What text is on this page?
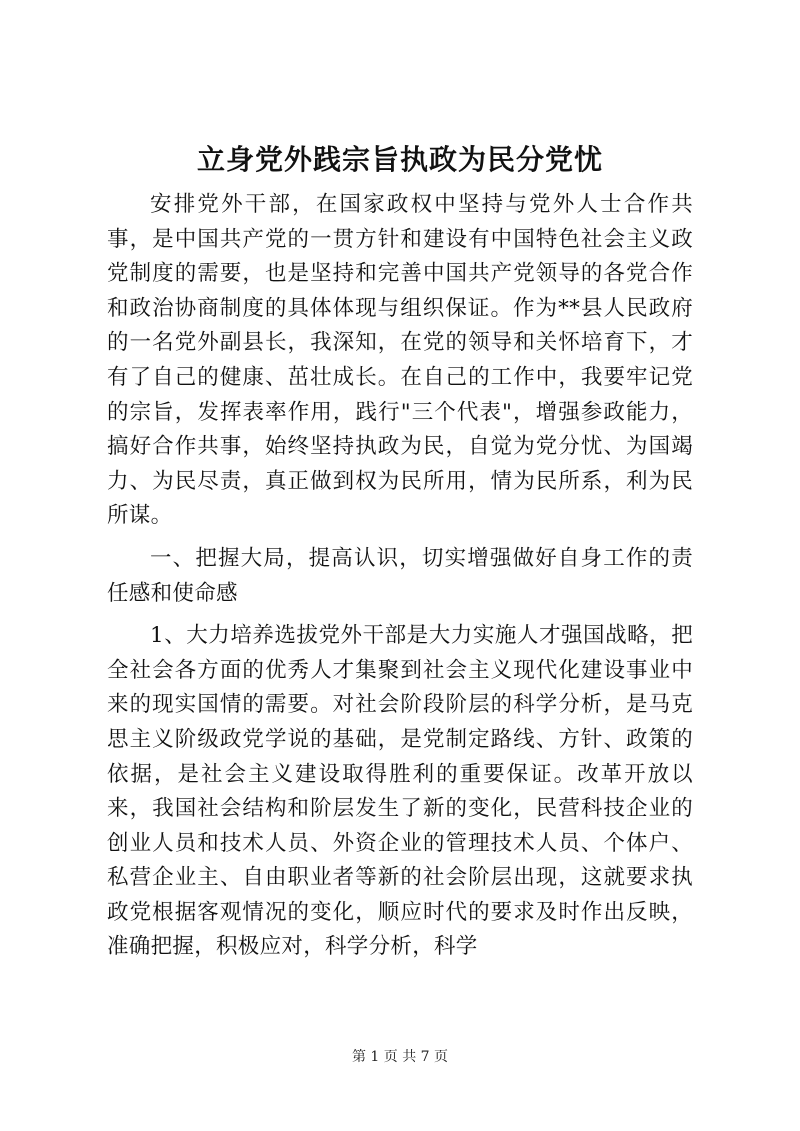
立身党外践宗旨执政为民分党忧

安排党外干部，在国家政权中坚持与党外人士合作共事，是中国共产党的一贯方针和建设有中国特色社会主义政党制度的需要，也是坚持和完善中国共产党领导的各党合作和政治协商制度的具体体现与组织保证。作为**县人民政府的一名党外副县长，我深知，在党的领导和关怀培育下，才有了自己的健康、茁壮成长。在自己的工作中，我要牢记党的宗旨，发挥表率作用，践行"三个代表"，增强参政能力，搞好合作共事，始终坚持执政为民，自觉为党分忧、为国竭力、为民尽责，真正做到权为民所用，情为民所系，利为民所谋。

一、把握大局，提高认识，切实增强做好自身工作的责任感和使命感

1、大力培养选拔党外干部是大力实施人才强国战略，把全社会各方面的优秀人才集聚到社会主义现代化建设事业中来的现实国情的需要。对社会阶段阶层的科学分析，是马克思主义阶级政党学说的基础，是党制定路线、方针、政策的依据，是社会主义建设取得胜利的重要保证。改革开放以来，我国社会结构和阶层发生了新的变化，民营科技企业的创业人员和技术人员、外资企业的管理技术人员、个体户、私营企业主、自由职业者等新的社会阶层出现，这就要求执政党根据客观情况的变化，顺应时代的要求及时作出反映，准确把握，积极应对，科学分析，科学

第 1 页 共 7 页
